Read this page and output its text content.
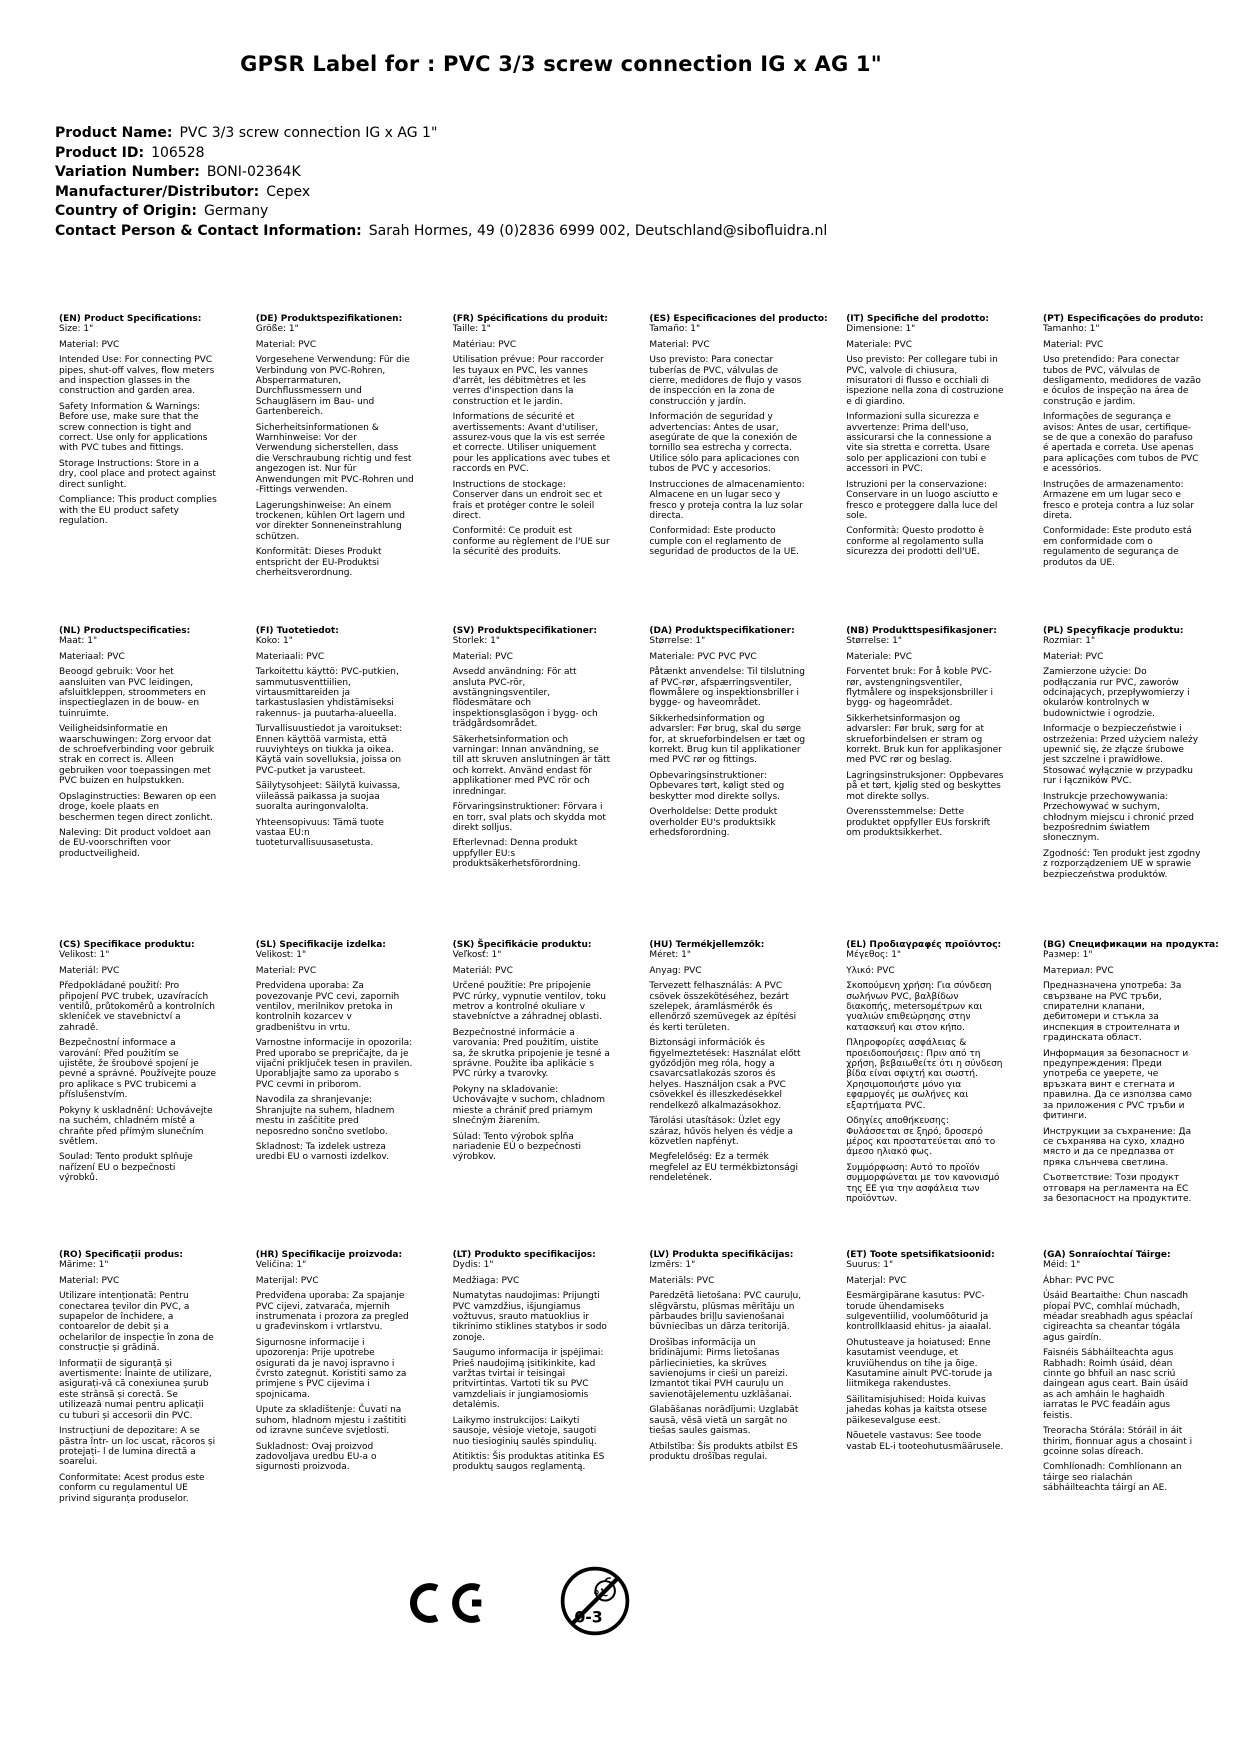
GPSR Label for : PVC 3/3 screw connection IG x AG 1"
Product Name: PVC 3/3 screw connection IG x AG 1"
Product ID: 106528
Variation Number: BONI-02364K
Manufacturer/Distributor: Cepex
Country of Origin: Germany
Contact Person & Contact Information: Sarah Hormes, 49 (0)2836 6999 002, Deutschland@sibofluidra.nl
(EN) Product Specifications:

Size: 1"

Material: PVC

Intended Use: For connecting PVC pipes, shut-off valves, flow meters and inspection glasses in the construction and garden area.

Safety Information & Warnings: Before use, make sure that the screw connection is tight and correct. Use only for applications with PVC tubes and fittings.

Storage Instructions: Store in a dry, cool place and protect against direct sunlight.

Compliance: This product complies with the EU product safety regulation.

(DE) Produktspezifikationen:

Größe: 1"

Material: PVC

Vorgesehene Verwendung: Für die Verbindung von PVC-Rohren, Absperrarmaturen, Durchflussmessern und Schaugläsern im Bau- und Gartenbereich.

Sicherheitsinformationen & Warnhinweise: Vor der Verwendung sicherstellen, dass die Verschraubung richtig und fest angezogen ist. Nur für Anwendungen mit PVC-Rohren und -Fittings verwenden.

Lagerungshinweise: An einem trockenen, kühlen Ort lagern und vor direkter Sonneneinstrahlung schützen.

Konformität: Dieses Produkt entspricht der EU-Produktsi cherheitsverordnung.

(FR) Spécifications du produit:

Taille: 1"

Matériau: PVC

Utilisation prévue: Pour raccorder les tuyaux en PVC, les vannes d'arrêt, les débitmètres et les verres d'inspection dans la construction et le jardin.

Informations de sécurité et avertissements: Avant d'utiliser, assurez-vous que la vis est serrée et correcte. Utiliser uniquement pour les applications avec tubes et raccords en PVC.

Instructions de stockage: Conserver dans un endroit sec et frais et protéger contre le soleil direct.

Conformité: Ce produit est conforme au règlement de l'UE sur la sécurité des produits.

(ES) Especificaciones del producto:

Tamaño: 1"

Material: PVC

Uso previsto: Para conectar tuberías de PVC, válvulas de cierre, medidores de flujo y vasos de inspección en la zona de construcción y jardín.

Información de seguridad y advertencias: Antes de usar, asegúrate de que la conexión de tornillo sea estrecha y correcta. Utilice sólo para aplicaciones con tubos de PVC y accesorios.

Instrucciones de almacenamiento: Almacene en un lugar seco y fresco y proteja contra la luz solar directa.

Conformidad: Este producto cumple con el reglamento de seguridad de productos de la UE.

(IT) Specifiche del prodotto:

Dimensione: 1"

Materiale: PVC

Uso previsto: Per collegare tubi in PVC, valvole di chiusura, misuratori di flusso e occhiali di ispezione nella zona di costruzione e di giardino.

Informazioni sulla sicurezza e avvertenze: Prima dell'uso, assicurarsi che la connessione a vite sia stretta e corretta. Usare solo per applicazioni con tubi e accessori in PVC.

Istruzioni per la conservazione: Conservare in un luogo asciutto e fresco e proteggere dalla luce del sole.

Conformità: Questo prodotto è conforme al regolamento sulla sicurezza dei prodotti dell'UE.

(PT) Especificações do produto:

Tamanho: 1"

Material: PVC

Uso pretendido: Para conectar tubos de PVC, válvulas de desligamento, medidores de vazão e óculos de inspeção na área de construção e jardim.

Informações de segurança e avisos: Antes de usar, certifique-se de que a conexão do parafuso é apertada e correta. Use apenas para aplicações com tubos de PVC e acessórios.

Instruções de armazenamento: Armazene em um lugar seco e fresco e proteja contra a luz solar direta.

Conformidade: Este produto está em conformidade com o regulamento de segurança de produtos da UE.

(NL) Productspecificaties:

Maat: 1"

Materiaal: PVC

Beoogd gebruik: Voor het aansluiten van PVC leidingen, afsluitkleppen, stroommeters en inspectieglazen in de bouw- en tuinruimte.

Veiligheidsinformatie en waarschuwingen: Zorg ervoor dat de schroefverbinding voor gebruik strak en correct is. Alleen gebruiken voor toepassingen met PVC buizen en hulpstukken.

Opslaginstructies: Bewaren op een droge, koele plaats en beschermen tegen direct zonlicht.

Naleving: Dit product voldoet aan de EU-voorschriften voor productveiligheid.

(FI) Tuotetiedot:

Koko: 1"

Materiaali: PVC

Tarkoitettu käyttö: PVC-putkien, sammutusventtiilien, virtausmittareiden ja tarkastuslasien yhdistämiseksi rakennus- ja puutarha-alueella.

Turvallisuustiedot ja varoitukset: Ennen käyttöä varmista, että ruuviyhteys on tiukka ja oikea. Käytä vain sovelluksia, joissa on PVC-putket ja varusteet.

Säilytysohjeet: Säilytä kuivassa, viileässä paikassa ja suojaa suoralta auringonvalolta.

Yhteensopivuus: Tämä tuote vastaa EU:n tuoteturvallisuusasetusta.

(SV) Produktspecifikationer:

Storlek: 1"

Material: PVC

Avsedd användning: För att ansluta PVC-rör, avstängningsventiler, flödesmätare och inspektionsglasögon i bygg- och trädgårdsområdet.

Säkerhetsinformation och varningar: Innan användning, se till att skruven anslutningen är tätt och korrekt. Använd endast för applikationer med PVC rör och inredningar.

Förvaringsinstruktioner: Förvara i en torr, sval plats och skydda mot direkt solljus.

Efterlevnad: Denna produkt uppfyller EU:s produktsäkerhetsförordning.

(DA) Produktspecifikationer:

Størrelse: 1"

Materiale: PVC PVC PVC

Påtænkt anvendelse: Til tilslutning af PVC-rør, afspærringsventiler, flowmålere og inspektionsbriller i bygge- og haveområdet.

Sikkerhedsinformation og advarsler: Før brug, skal du sørge for, at skrueforbindelsen er tæt og korrekt. Brug kun til applikationer med PVC rør og fittings.

Opbevaringsinstruktioner: Opbevares tørt, køligt sted og beskytter mod direkte sollys.

Overholdelse: Dette produkt overholder EU's produktsikk erhedsforordning.

(NB) Produkttspesifikasjoner:

Størrelse: 1"

Materiale: PVC

Forventet bruk: For å koble PVC-rør, avstengningsventiler, flytmålere og inspeksjonsbriller i bygg- og hageområdet.

Sikkerhetsinformasjon og advarsler: Før bruk, sørg for at skrueforbindelsen er stram og korrekt. Bruk kun for applikasjoner med PVC rør og beslag.

Lagringsinstruksjoner: Oppbevares på et tørt, kjølig sted og beskyttes mot direkte sollys.

Overensstemmelse: Dette produktet oppfyller EUs forskrift om produktsikkerhet.

(PL) Specyfikacje produktu:

Rozmiar: 1"

Materiał: PVC

Zamierzone użycie: Do podłączania rur PVC, zaworów odcinających, przepływomierzy i okularów kontrolnych w budownictwie i ogrodzie.

Informacje o bezpieczeństwie i ostrzeżenia: Przed użyciem należy upewnić się, że złącze śrubowe jest szczelne i prawidłowe. Stosować wyłącznie w przypadku rur i łączników PVC.

Instrukcje przechowywania: Przechowywać w suchym, chłodnym miejscu i chronić przed bezpośrednim światłem słonecznym.

Zgodność: Ten produkt jest zgodny z rozporządzeniem UE w sprawie bezpieczeństwa produktów.

(CS) Specifikace produktu:

Velikost: 1"

Materiál: PVC

Předpokládané použití: Pro připojení PVC trubek, uzavíracích ventilů, průtokoměrů a kontrolních skleniček ve stavebnictví a zahradě.

Bezpečnostní informace a varování: Před použitím se ujistěte, že šroubové spojení je pevné a správné. Používejte pouze pro aplikace s PVC trubicemi a příslušenstvím.

Pokyny k uskladnění: Uchovávejte na suchém, chladném místě a chraňte před přímým slunečním světlem.

Soulad: Tento produkt splňuje nařízení EU o bezpečnosti výrobků.

(SL) Specifikacije izdelka:

Velikost: 1"

Material: PVC

Predvidena uporaba: Za povezovanje PVC cevi, zapornih ventilov, merilnikov pretoka in kontrolnih kozarcev v gradbeništvu in vrtu.

Varnostne informacije in opozorila: Pred uporabo se prepričajte, da je vijačni priključek tesen in pravilen. Uporabljajte samo za uporabo s PVC cevmi in priborom.

Navodila za shranjevanje: Shranjujte na suhem, hladnem mestu in zaščitite pred neposredno sončno svetlobo.

Skladnost: Ta izdelek ustreza uredbi EU o varnosti izdelkov.

(SK) Špecifikácie produktu:

Veľkosť: 1"

Materiál: PVC

Určené použitie: Pre pripojenie PVC rúrky, vypnutie ventilov, toku metrov a kontrolné okuliare v stavebníctve a záhradnej oblasti.

Bezpečnostné informácie a varovania: Pred použitím, uistite sa, že skrutka pripojenie je tesné a správne. Použite iba aplikácie s PVC rúrky a tvarovky.

Pokyny na skladovanie: Uchovávajte v suchom, chladnom mieste a chrániť pred priamym slnečným žiarením.

Súlad: Tento výrobok spĺňa nariadenie EÚ o bezpečnosti výrobkov.

(HU) Termékjellemzők:

Méret: 1"

Anyag: PVC

Tervezett felhasználás: A PVC csövek összekötéséhez, bezárt szelepek, áramlásmérők és ellenőrző szemüvegek az építési és kerti területen.

Biztonsági információk és figyelmeztetések: Használat előtt győződjön meg róla, hogy a csavarcsatlakozás szoros és helyes. Használjon csak a PVC csövekkel és illeszkedésekkel rendelkező alkalmazásokhoz.

Tárolási utasítások: Üzlet egy száraz, hűvös helyen és védje a közvetlen napfényt.

Megfelelőség: Ez a termék megfelel az EU termékbiztonsági rendeletének.

(EL) Προδιαγραφές προϊόντος:

Μέγεθος: 1"

Υλικό: PVC

Σκοπούμενη χρήση: Για σύνδεση σωλήνων PVC, βαλβίδων διακοπής, metersομέτρων και γυαλιών επιθεώρησης στην κατασκευή και στον κήπο.

Πληροφορίες ασφάλειας & προειδοποιήσεις: Πριν από τη χρήση, βεβαιωθείτε ότι η σύνδεση βίδα είναι σφιχτή και σωστή. Χρησιμοποιήστε μόνο για εφαρμογές με σωλήνες και εξαρτήματα PVC.

Οδηγίες αποθήκευσης: Φυλάσσεται σε ξηρό, δροσερό μέρος και προστατεύεται από το άμεσο ηλιακό φως.

Συμμόρφωση: Αυτό το προϊόν συμμορφώνεται με τον κανονισμό της ΕΕ για την ασφάλεια των προϊόντων.

(BG) Спецификации на продукта:

Размер: 1"

Материал: PVC

Предназначена употреба: За свързване на PVC тръби, спирателни клапани, дебитомери и стъкла за инспекция в строителната и градинската област.

Информация за безопасност и предупреждения: Преди употреба се уверете, че връзката винт е стегната и правилна. Да се използва само за приложения с PVC тръби и фитинги.

Инструкции за съхранение: Да се съхранява на сухо, хладно място и да се предпазва от пряка слънчева светлина.

Съответствие: Този продукт отговаря на регламента на ЕС за безопасност на продуктите.

(RO) Specificații produs:

Mărime: 1"

Material: PVC

Utilizare intenționată: Pentru conectarea țevilor din PVC, a supapelor de închidere, a contoarelor de debit și a ochelarilor de inspecție în zona de construcție și grădină.

Informații de siguranță și avertismente: Înainte de utilizare, asigurați-vă că conexiunea șurub este strânsă și corectă. Se utilizează numai pentru aplicații cu tuburi și accesorii din PVC.

Instrucțiuni de depozitare: A se păstra într- un loc uscat, răcoros și protejați- l de lumina directă a soarelui.

Conformitate: Acest produs este conform cu regulamentul UE privind siguranța produselor.

(HR) Specifikacije proizvoda:

Veličina: 1"

Materijal: PVC

Predviđena uporaba: Za spajanje PVC cijevi, zatvarača, mjernih instrumenata i prozora za pregled u građevinskom i vrtlarstvu.

Sigurnosne informacije i upozorenja: Prije upotrebe osigurati da je navoj ispravno i čvrsto zategnut. Koristiti samo za primjene s PVC cijevima i spojnicama.

Upute za skladištenje: Čuvati na suhom, hladnom mjestu i zaštititi od izravne sunčeve svjetlosti.

Sukladnost: Ovaj proizvod zadovoljava uredbu EU-a o sigurnosti proizvoda.

(LT) Produkto specifikacijos:

Dydis: 1"

Medžiaga: PVC

Numatytas naudojimas: Prijungti PVC vamzdžius, išjungiamus vožtuvus, srauto matuoklius ir tikrinimo stiklines statybos ir sodo zonoje.

Saugumo informacija ir įspėjimai: Prieš naudojimą įsitikinkite, kad varžtas tvirtai ir teisingai pritvirtintas. Vartoti tik su PVC vamzdeliais ir jungiamosiomis detalėmis.

Laikymo instrukcijos: Laikyti sausoje, vėsioje vietoje, saugoti nuo tiesioginių saulės spindulių.

Atitiktis: Šis produktas atitinka ES produktų saugos reglamentą.

(LV) Produkta specifikācijas:

Izmērs: 1"

Materiāls: PVC

Paredzētā lietošana: PVC cauruļu, slēgvārstu, plūsmas mērītāju un pārbaudes briļļu savienošanai būvniecības un dārza teritorijā.

Drošības informācija un brīdinājumi: Pirms lietošanas pārliecinieties, ka skrūves savienojums ir cieši un pareizi. Izmantot tikai PVH cauruļu un savienotājelementu uzklāšanai.

Glabāšanas norādījumi: Uzglabāt sausā, vēsā vietā un sargāt no tiešas saules gaismas.

Atbilstība: Šis produkts atbilst ES produktu drošības regulai.

(ET) Toote spetsifikatsioonid:

Suurus: 1"

Materjal: PVC

Eesmärgipärane kasutus: PVC-torude ühendamiseks sulgeventiilid, voolumõõturid ja kontrollklaasid ehitus- ja aiaalal.

Ohutusteave ja hoiatused: Enne kasutamist veenduge, et kruviühendus on tihe ja õige. Kasutamine ainult PVC-torude ja liitmikega rakendustes.

Säilitamisjuhised: Hoida kuivas jahedas kohas ja kaitsta otsese päikesevalguse eest.

Nõuetele vastavus: See toode vastab EL-i tooteohutusmäärusele.

(GA) Sonraíochtaí Táirge:

Méid: 1"

Ábhar: PVC PVC

Úsáid Beartaithe: Chun nascadh píopaí PVC, comhlaí múchadh, méadar sreabhadh agus spéaclaí cigireachta sa cheantar tógála agus gairdín.

Faisnéis Sábháilteachta agus Rabhadh: Roimh úsáid, déan cinnte go bhfuil an nasc scriú daingean agus ceart. Bain úsáid as ach amháin le haghaidh iarratas le PVC feadáin agus feistis.

Treoracha Stórála: Stóráil in áit thirim, fionnuar agus a chosaint i gcoinne solas díreach.

Comhlíonadh: Comhlíonann an táirge seo rialachán sábháilteachta táirgí an AE.

0-3
